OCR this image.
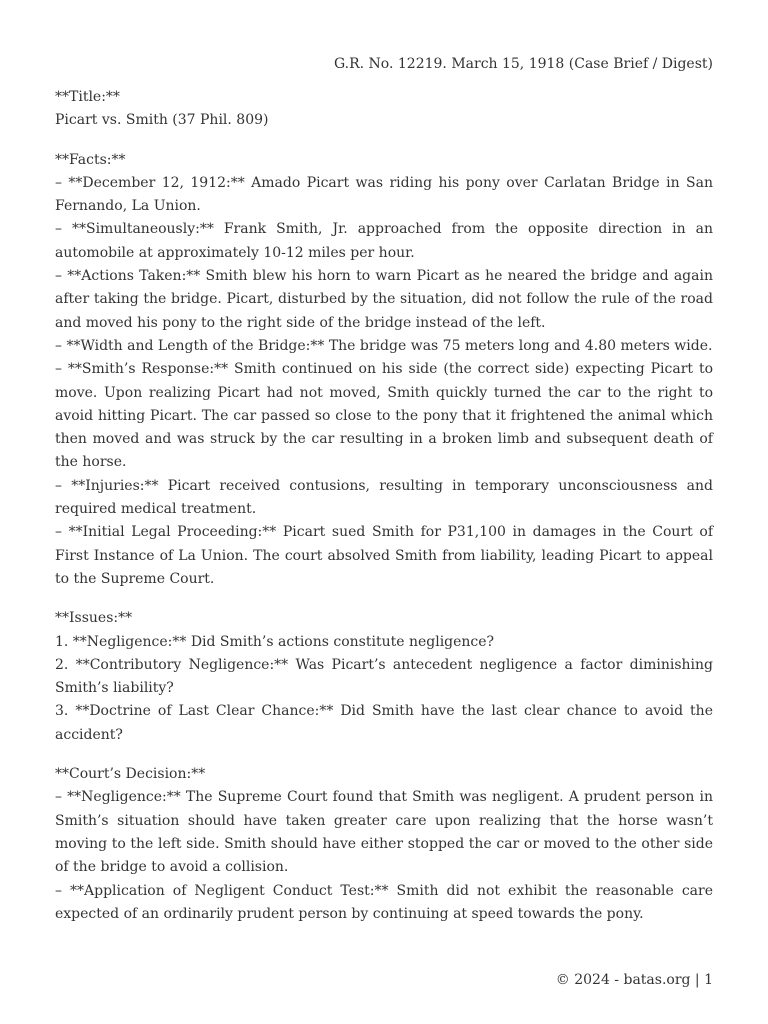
G.R. No. 12219. March 15, 1918 (Case Brief / Digest)

**Title:**

Picart vs. Smith (37 Phil. 809)

**Facts:**

– **December 12, 1912:** Amado Picart was riding his pony over Carlatan Bridge in San Fernando, La Union.

– **Simultaneously:** Frank Smith, Jr. approached from the opposite direction in an automobile at approximately 10-12 miles per hour.

– **Actions Taken:** Smith blew his horn to warn Picart as he neared the bridge and again after taking the bridge. Picart, disturbed by the situation, did not follow the rule of the road and moved his pony to the right side of the bridge instead of the left.

– **Width and Length of the Bridge:** The bridge was 75 meters long and 4.80 meters wide.

– **Smith’s Response:** Smith continued on his side (the correct side) expecting Picart to move. Upon realizing Picart had not moved, Smith quickly turned the car to the right to avoid hitting Picart. The car passed so close to the pony that it frightened the animal which then moved and was struck by the car resulting in a broken limb and subsequent death of the horse.

– **Injuries:** Picart received contusions, resulting in temporary unconsciousness and required medical treatment.

– **Initial Legal Proceeding:** Picart sued Smith for P31,100 in damages in the Court of First Instance of La Union. The court absolved Smith from liability, leading Picart to appeal to the Supreme Court.

**Issues:**

1. **Negligence:** Did Smith’s actions constitute negligence?

2. **Contributory Negligence:** Was Picart’s antecedent negligence a factor diminishing Smith’s liability?

3. **Doctrine of Last Clear Chance:** Did Smith have the last clear chance to avoid the accident?

**Court’s Decision:**

– **Negligence:** The Supreme Court found that Smith was negligent. A prudent person in Smith’s situation should have taken greater care upon realizing that the horse wasn’t moving to the left side. Smith should have either stopped the car or moved to the other side of the bridge to avoid a collision.

– **Application of Negligent Conduct Test:** Smith did not exhibit the reasonable care expected of an ordinarily prudent person by continuing at speed towards the pony.

© 2024 - batas.org | 1
